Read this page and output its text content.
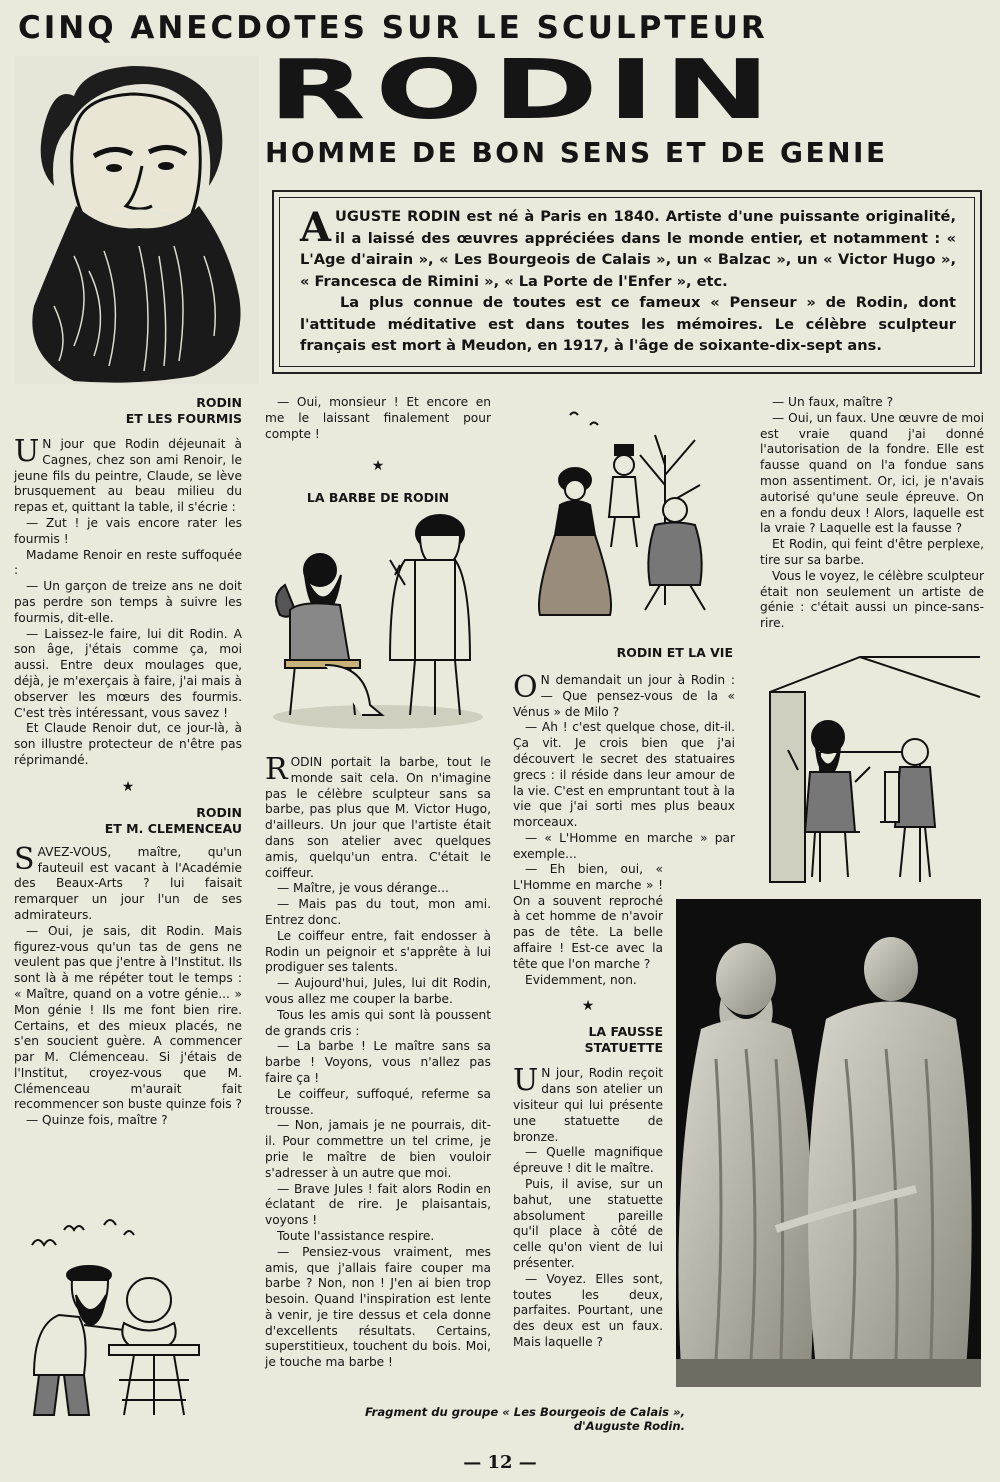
CINQ ANECDOTES SUR LE SCULPTEUR
RODIN
HOMME DE BON SENS ET DE GENIE

AUGUSTE RODIN est né à Paris en 1840. Artiste d'une puissante originalité, il a laissé des œuvres appréciées dans le monde entier, et notamment : « L'Age d'airain », « Les Bourgeois de Calais », un « Balzac », un « Victor Hugo », « Francesca de Rimini », « La Porte de l'Enfer », etc.

La plus connue de toutes est ce fameux « Penseur » de Rodin, dont l'attitude méditative est dans toutes les mémoires. Le célèbre sculpteur français est mort à Meudon, en 1917, à l'âge de soixante-dix-sept ans.

RODIN
ET LES FOURMIS

U N jour que Rodin déjeunait à Cagnes, chez son ami Renoir, le jeune fils du peintre, Claude, se lève brusquement au beau milieu du repas et, quittant la table, il s'écrie :

— Zut ! je vais encore rater les fourmis !

Madame Renoir en reste suffoquée :

— Un garçon de treize ans ne doit pas perdre son temps à suivre les fourmis, dit-elle.

— Laissez-le faire, lui dit Rodin. A son âge, j'étais comme ça, moi aussi. Entre deux moulages que, déjà, je m'exerçais à faire, j'ai mais à observer les mœurs des fourmis. C'est très intéressant, vous savez !

Et Claude Renoir dut, ce jour-là, à son illustre protecteur de n'être pas réprimandé.

★
RODIN
ET M. CLEMENCEAU

SAVEZ-VOUS, maître, qu'un fauteuil est vacant à l'Académie des Beaux-Arts ? lui faisait remarquer un jour l'un de ses admirateurs.

— Oui, je sais, dit Rodin. Mais figurez-vous qu'un tas de gens ne veulent pas que j'entre à l'Institut. Ils sont là à me répéter tout le temps : « Maître, quand on a votre génie... » Mon génie ! Ils me font bien rire. Certains, et des mieux placés, ne s'en soucient guère. A commencer par M. Clémenceau. Si j'étais de l'Institut, croyez-vous que M. Clémenceau m'aurait fait recommencer son buste quinze fois ?

— Quinze fois, maître ?

— Oui, monsieur ! Et encore en me le laissant finalement pour compte !

★
LA BARBE DE RODIN

RODIN portait la barbe, tout le monde sait cela. On n'imagine pas le célèbre sculpteur sans sa barbe, pas plus que M. Victor Hugo, d'ailleurs. Un jour que l'artiste était dans son atelier avec quelques amis, quelqu'un entra. C'était le coiffeur.

— Maître, je vous dérange...

— Mais pas du tout, mon ami. Entrez donc.

Le coiffeur entre, fait endosser à Rodin un peignoir et s'apprête à lui prodiguer ses talents.

— Aujourd'hui, Jules, lui dit Rodin, vous allez me couper la barbe.

Tous les amis qui sont là poussent de grands cris :

— La barbe ! Le maître sans sa barbe ! Voyons, vous n'allez pas faire ça !

Le coiffeur, suffoqué, referme sa trousse.

— Non, jamais je ne pourrais, dit-il. Pour commettre un tel crime, je prie le maître de bien vouloir s'adresser à un autre que moi.

— Brave Jules ! fait alors Rodin en éclatant de rire. Je plaisantais, voyons !

Toute l'assistance respire.

— Pensiez-vous vraiment, mes amis, que j'allais faire couper ma barbe ? Non, non ! J'en ai bien trop besoin. Quand l'inspiration est lente à venir, je tire dessus et cela donne d'excellents résultats. Certains, superstitieux, touchent du bois. Moi, je touche ma barbe !

RODIN ET LA VIE

O N demandait un jour à Rodin : — Que pensez-vous de la « Vénus » de Milo ?

— Ah ! c'est quelque chose, dit-il. Ça vit. Je crois bien que j'ai découvert le secret des statuaires grecs : il réside dans leur amour de la vie. C'est en empruntant tout à la vie que j'ai sorti mes plus beaux morceaux.

— « L'Homme en marche » par exemple...

— Eh bien, oui, « L'Homme en marche » ! On a souvent reproché à cet homme de n'avoir pas de tête. La belle affaire ! Est-ce avec la tête que l'on marche ?

Evidemment, non.

★
LA FAUSSE
STATUETTE

U N jour, Rodin reçoit dans son atelier un visiteur qui lui présente une statuette de bronze.

— Quelle magnifique épreuve ! dit le maître.

Puis, il avise, sur un bahut, une statuette absolument pareille qu'il place à côté de celle qu'on vient de lui présenter.

— Voyez. Elles sont, toutes les deux, parfaites. Pourtant, une des deux est un faux. Mais laquelle ?

— Un faux, maître ?

— Oui, un faux. Une œuvre de moi est vraie quand j'ai donné l'autorisation de la fondre. Elle est fausse quand on l'a fondue sans mon assentiment. Or, ici, je n'avais autorisé qu'une seule épreuve. On en a fondu deux ! Alors, laquelle est la vraie ? Laquelle est la fausse ?

Et Rodin, qui feint d'être perplexe, tire sur sa barbe.

Vous le voyez, le célèbre sculpteur était non seulement un artiste de génie : c'était aussi un pince-sans-rire.

Fragment du groupe « Les Bourgeois de Calais »,
d'Auguste Rodin.
— 12 —
